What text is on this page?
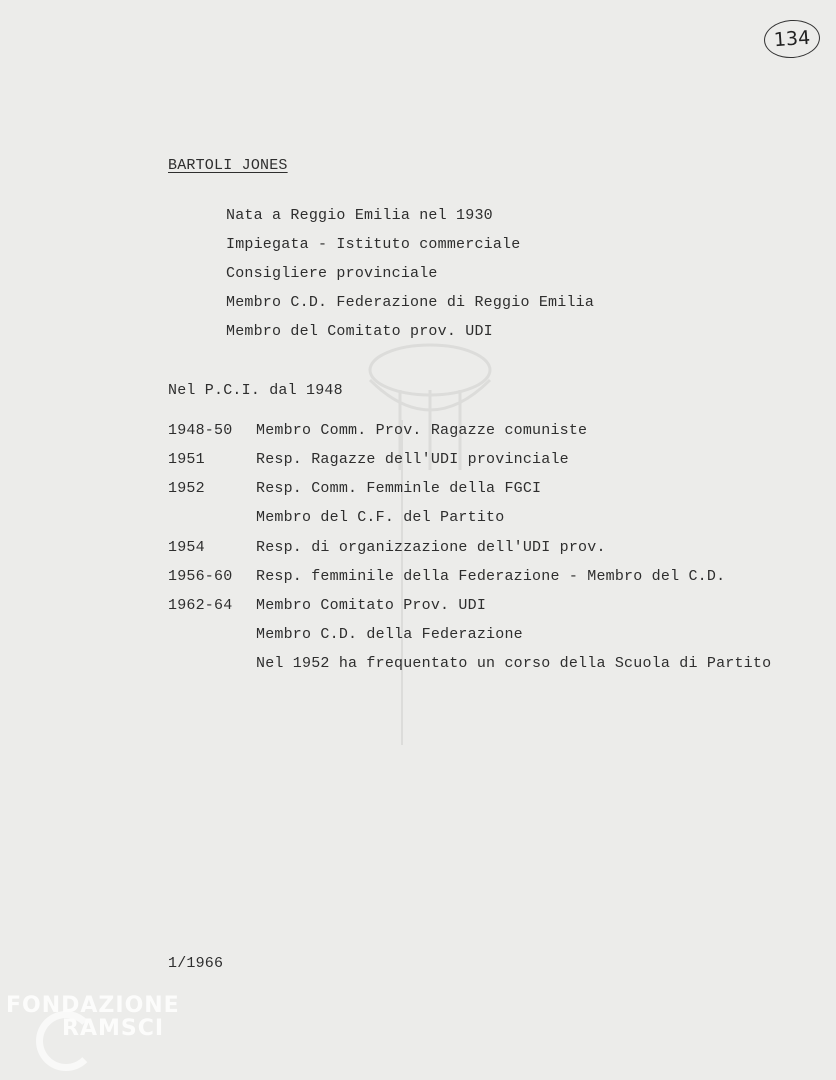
134
BARTOLI JONES
Nata a Reggio Emilia nel 1930
Impiegata - Istituto commerciale
Consigliere provinciale
Membro C.D. Federazione di Reggio Emilia
Membro del Comitato prov. UDI
Nel P.C.I. dal 1948
1948-50 Membro Comm. Prov. Ragazze comuniste
1951	Resp. Ragazze dell'UDI provinciale
1952	Resp. Comm. Femminle della FGCI
Membro del C.F. del Partito
1954	Resp. di organizzazione dell'UDI prov.
1956-60 Resp. femminile della Federazione - Membro del C.D.
1962-64 Membro Comitato Prov. UDI
Membro C.D. della Federazione
Nel 1952 ha frequentato un corso della Scuola di Partito
1/1966
FONDAZIONE
RAMSCI
